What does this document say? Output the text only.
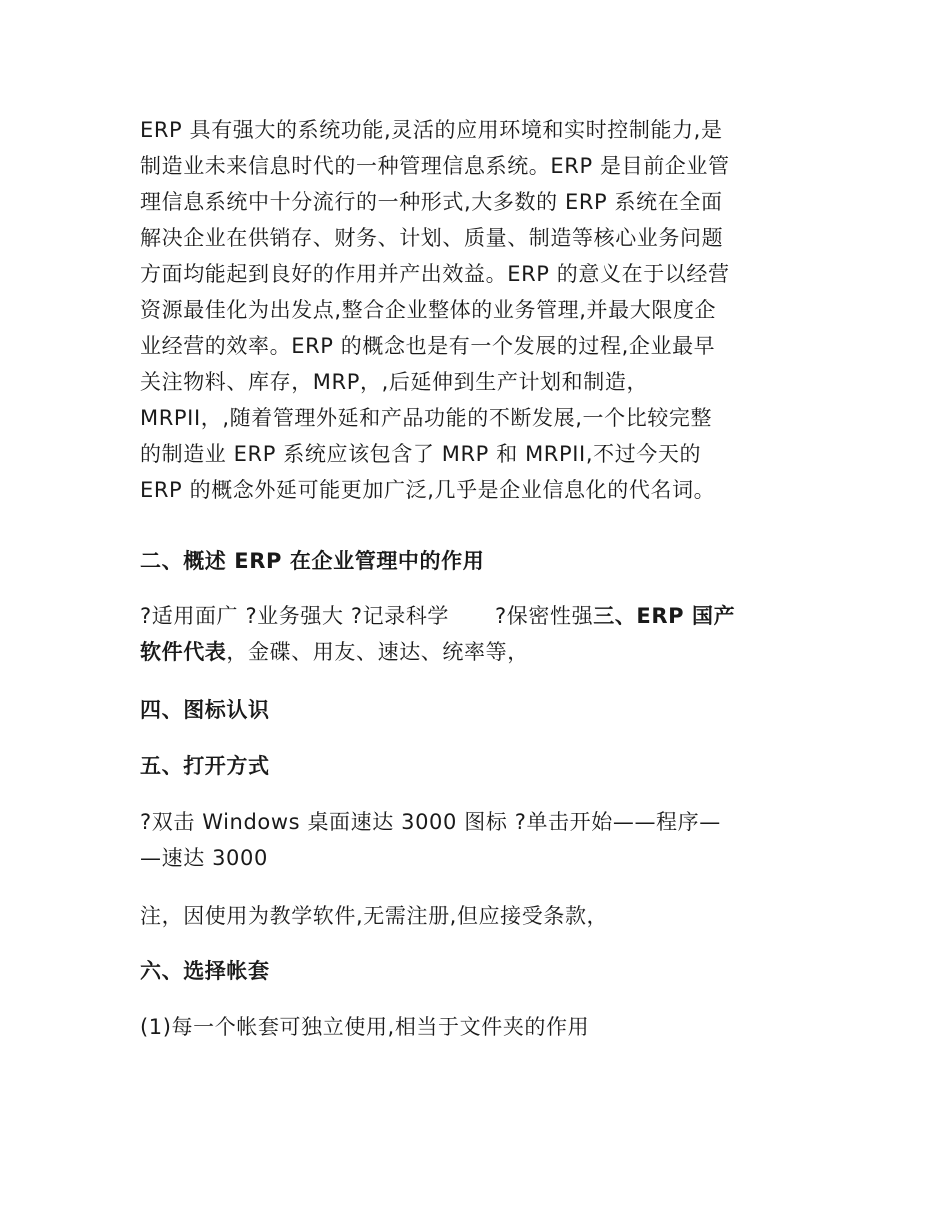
ERP 具有强大的系统功能,灵活的应用环境和实时控制能力,是
制造业未来信息时代的一种管理信息系统。ERP 是目前企业管
理信息系统中十分流行的一种形式,大多数的 ERP 系统在全面
解决企业在供销存、财务、计划、质量、制造等核心业务问题
方面均能起到良好的作用并产出效益。ERP 的意义在于以经营
资源最佳化为出发点,整合企业整体的业务管理,并最大限度企
业经营的效率。ERP 的概念也是有一个发展的过程,企业最早
关注物料、库存，MRP，,后延伸到生产计划和制造，
MRPII，,随着管理外延和产品功能的不断发展,一个比较完整
的制造业 ERP 系统应该包含了 MRP 和 MRPII,不过今天的
ERP 的概念外延可能更加广泛,几乎是企业信息化的代名词。
二、概述 ERP 在企业管理中的作用
?适用面广 ?业务强大 ?记录科学 ?保密性强三、ERP 国产
软件代表，金碟、用友、速达、统率等，
四、图标认识
五、打开方式
?双击 Windows 桌面速达 3000 图标 ?单击开始——程序—
—速达 3000
注，因使用为教学软件,无需注册,但应接受条款，
六、选择帐套
(1)每一个帐套可独立使用,相当于文件夹的作用
